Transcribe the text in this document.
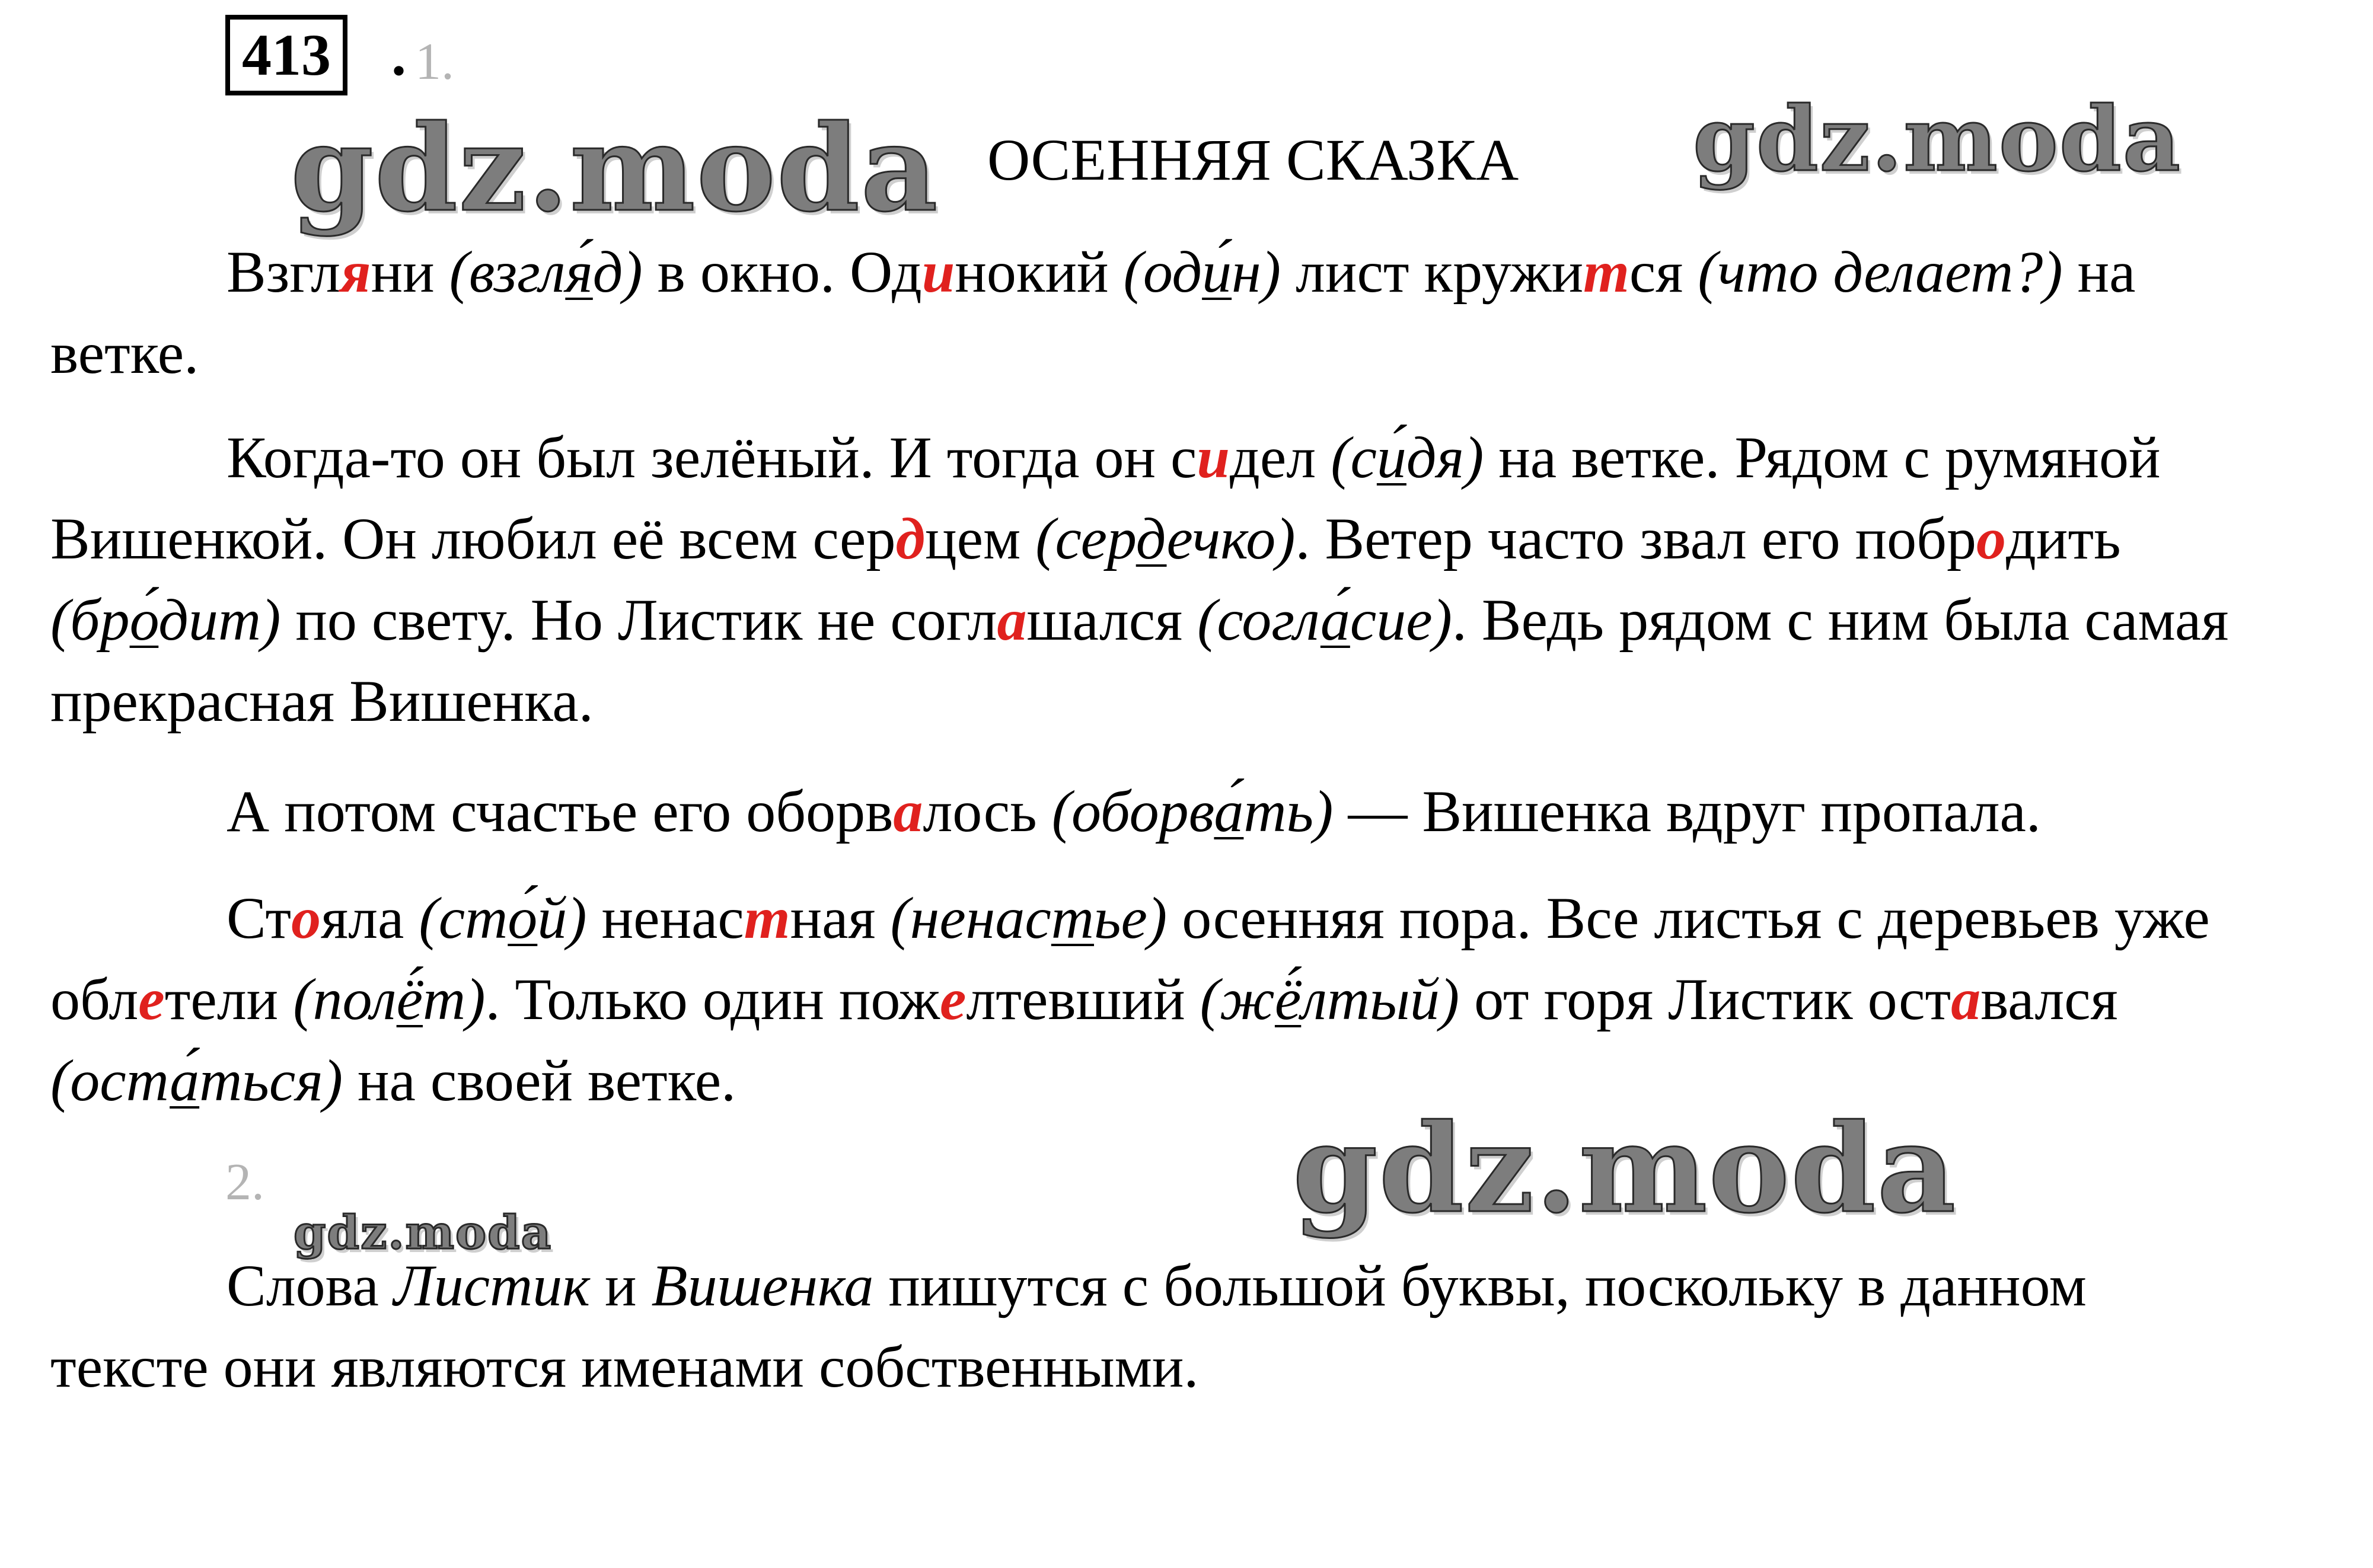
413 . 1.
gdz.moda	gdz.moda
gdz.moda
gdz.moda
ОСЕННЯЯ СКАЗКА
Взгляни (взгля́д) в окно. Одинокий (оди́н) лист кружится (что делает?) на ветке.
Когда-то он был зелёный. И тогда он сидел (си́дя) на ветке. Рядом с румяной Вишенкой. Он любил её всем сердцем (сердечко). Ветер часто звал его побродить (бро́дит) по свету. Но Листик не соглашался (согла́сие). Ведь рядом с ним была самая прекрасная Вишенка.
А потом счастье его оборвалось (оборва́ть) — Вишенка вдруг пропала.
Стояла (сто́й) ненастная (ненастье) осенняя пора. Все листья с деревьев уже облетели (полё́т). Только один пожелтевший (жё́лтый) от горя Листик оставался (оста́ться) на своей ветке.
2.
Слова Листик и Вишенка пишутся с большой буквы, поскольку в данном тексте они являются именами собственными.
